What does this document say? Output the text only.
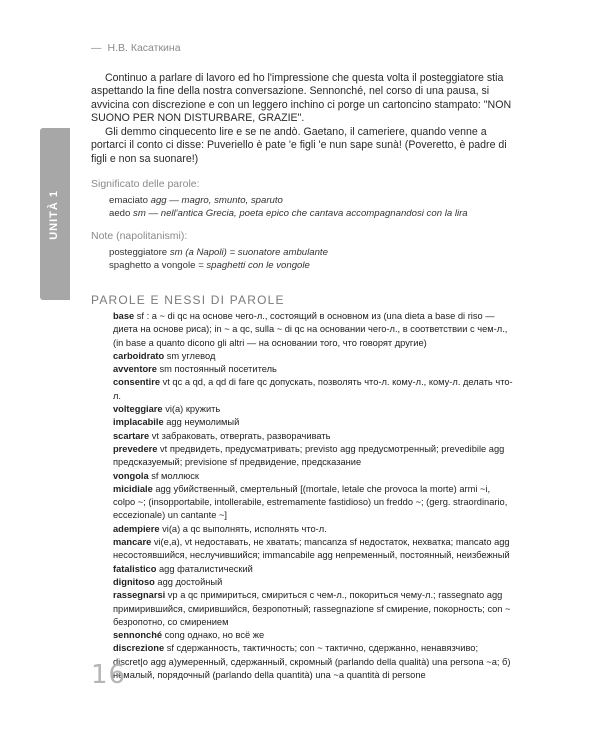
— Н.В. Касаткина
UNITÀ 1

Continuo a parlare di lavoro ed ho l'impressione che questa volta il posteggiatore stia aspettando la fine della nostra conversazione. Sennonché, nel corso di una pausa, si avvicina con discrezione e con un leggero inchino ci porge un cartoncino stampato: "NON SUONO PER NON DISTURBARE, GRAZIE".

Gli demmo cinquecento lire e se ne andò. Gaetano, il cameriere, quando venne a portarci il conto ci disse: Puveriello è pate 'e figli 'e nun sape sunà! (Poveretto, è padre di figli e non sa suonare!)

Significato delle parole:
emaciato agg — magro, smunto, sparuto
aedo sm — nell'antica Grecia, poeta epico che cantava accompagnandosi con la lira
Note (napolitanismi):
posteggiatore sm (a Napoli) = suonatore ambulante
spaghetto a vongole = spaghetti con le vongole
PAROLE E NESSI DI PAROLE

base sf : a ~ di qc на основе чего-л., состоящий в основном из (una dieta a base di riso — диета на основе риса); in ~ a qc, sulla ~ di qc на основании чего-л., в соответствии с чем-л., (in base a quanto dicono gli altri — на основании того, что говорят другие)

carboidrato sm углевод

avventore sm постоянный посетитель

consentire vt qc a qd, a qd di fare qc допускать, позволять что-л. кому-л., кому-л. делать что-л.

volteggiare vi(a) кружить

implacabile agg неумолимый

scartare vt забраковать, отвергать, разворачивать

prevedere vt предвидеть, предусматривать; previsto agg предусмотренный; prevedibile agg предсказуемый; previsione sf предвидение, предсказание

vongola sf моллюск

micidiale agg убийственный, смертельный [(mortale, letale che provoca la morte) armi ~i, colpo ~; (insopportabile, intollerabile, estremamente fastidioso) un freddo ~; (gerg. straordinario, eccezionale) un cantante ~]

adempiere vi(a) a qc выполнять, исполнять что-л.

mancare vi(e,a), vt недоставать, не хватать; mancanza sf недостаток, нехватка; mancato agg несостоявшийся, неслучившийся; immancabile agg непременный, постоянный, неизбежный

fatalistico agg фаталистический

dignitoso agg достойный

rassegnarsi vp a qc примириться, смириться с чем-л., покориться чему-л.; rassegnato agg примирившийся, смирившийся, безропотный; rassegnazione sf смирение, покорность; con ~ безропотно, со смирением

sennonché cong однако, но всё же

discrezione sf сдержанность, тактичность; con ~ тактично, сдержанно, ненавязчиво; discret|o agg а)умеренный, сдержанный, скромный (parlando della qualità) una persona ~a; б) немалый, порядочный (parlando della quantità) una ~a quantità di persone

16
